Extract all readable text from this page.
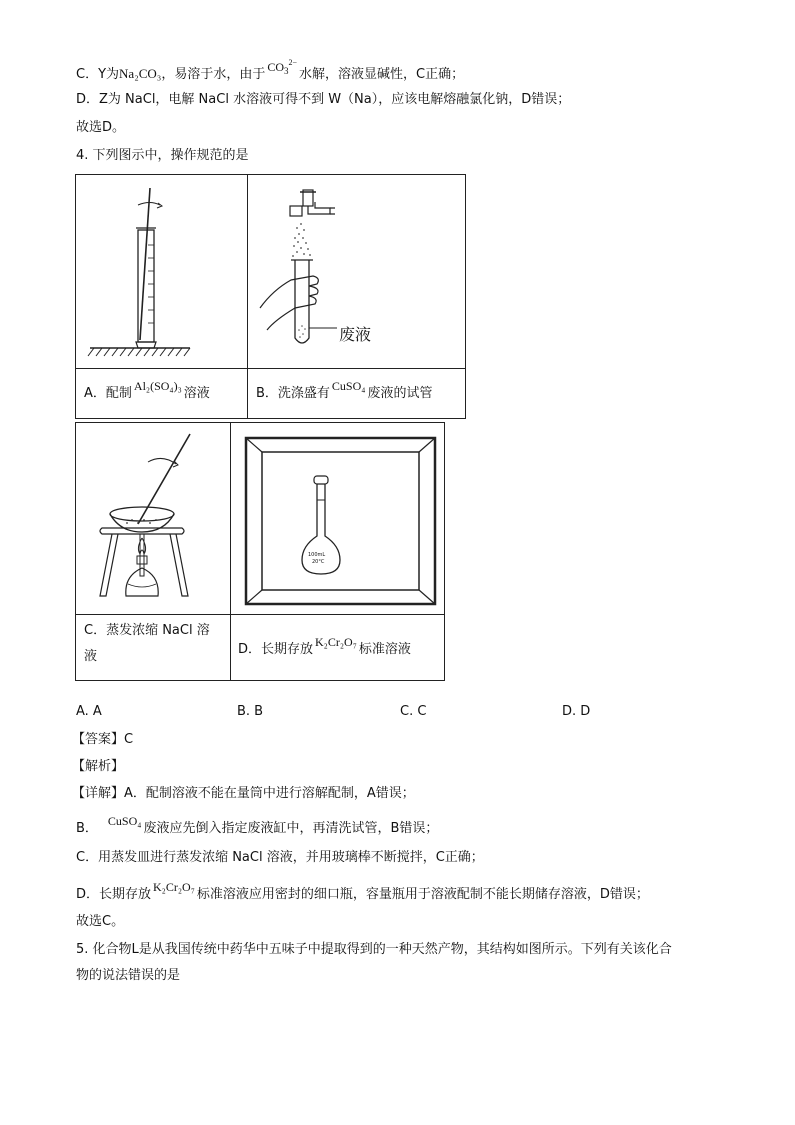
C．Y为Na₂CO₃，易溶于水，由于 $CO_3^{2-}$水解，溶液显碱性，C正确；
D．Z为 NaCl，电解 NaCl 水溶液可得不到 W（Na），应该电解熔融氯化钠，D错误；
故选D。
4. 下列图示中，操作规范的是
废液
A．配制 Al₂(SO₄)₃ 溶液	B．洗涤盛有 CuSO₄ 废液的试管
100mL
20°C
C．蒸发浓缩 NaCl 溶
液	D．长期存放 K₂Cr₂O₇ 标准溶液
A. A	B. B	C. C	D. D
【答案】C
【解析】
【详解】A．配制溶液不能在量筒中进行溶解配制，A错误；
B． CuSO₄ 废液应先倒入指定废液缸中，再清洗试管，B错误；
C．用蒸发皿进行蒸发浓缩 NaCl 溶液，并用玻璃棒不断搅拌，C正确；
D．长期存放 K₂Cr₂O₇ 标准溶液应用密封的细口瓶，容量瓶用于溶液配制不能长期储存溶液，D错误；
故选C。
5. 化合物L是从我国传统中药华中五味子中提取得到的一种天然产物，其结构如图所示。下列有关该化合
物的说法错误的是
